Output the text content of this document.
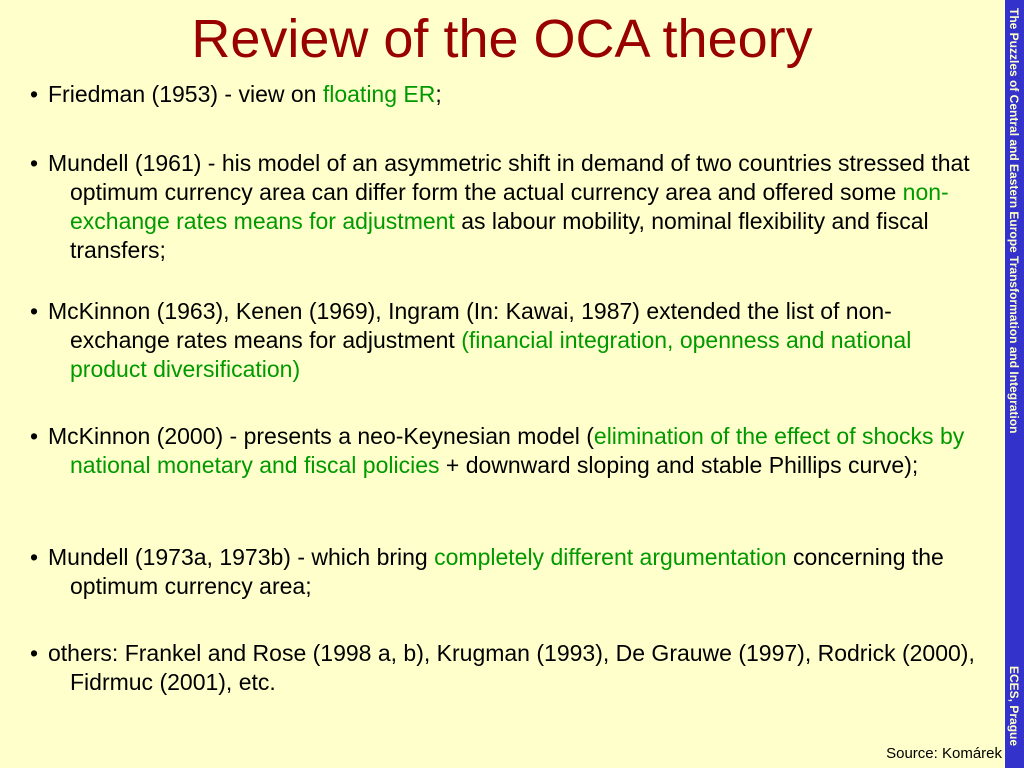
Review of the OCA theory	The Puzzles of Central and Eastern Europe Transformation and Integration
ECES, Prague
• Friedman (1953) - view on floating ER;
• Mundell (1961) - his model of an asymmetric shift in demand of two countries stressed that optimum currency area can differ form the actual currency area and offered some non-exchange rates means for adjustment as labour mobility, nominal flexibility and fiscal transfers;
• McKinnon (1963), Kenen (1969), Ingram (In: Kawai, 1987) extended the list of non-exchange rates means for adjustment (financial integration, openness and national product diversification)
• McKinnon (2000) - presents a neo-Keynesian model (elimination of the effect of shocks by national monetary and fiscal policies + downward sloping and stable Phillips curve);
• Mundell (1973a, 1973b) - which bring completely different argumentation concerning the optimum currency area;
• others: Frankel and Rose (1998 a, b), Krugman (1993), De Grauwe (1997), Rodrick (2000), Fidrmuc (2001), etc.
Source: Komárek
